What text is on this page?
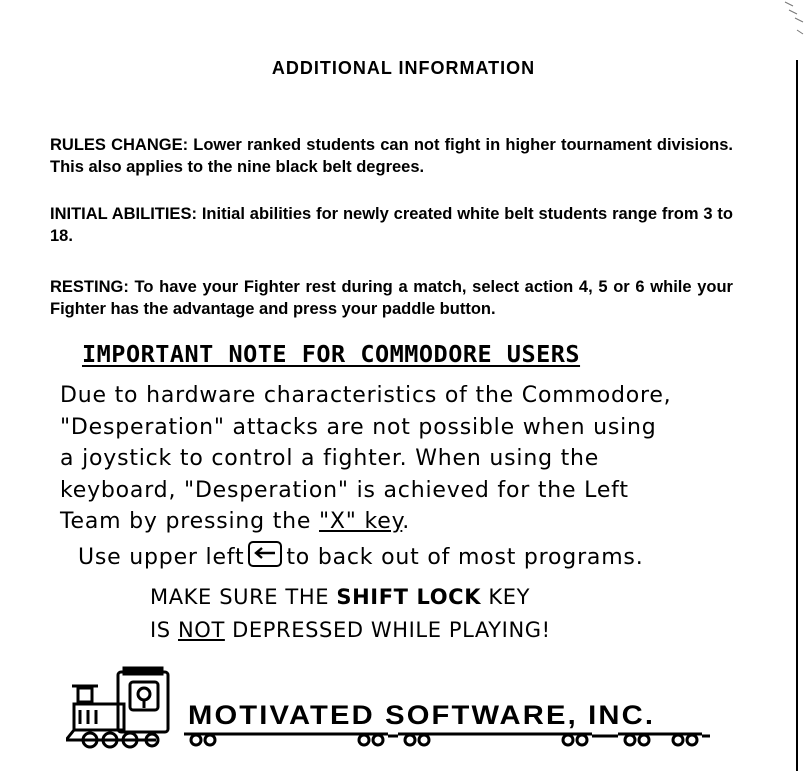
ADDITIONAL INFORMATION
RULES CHANGE: Lower ranked students can not fight in higher tournament divisions. This also applies to the nine black belt degrees.
INITIAL ABILITIES: Initial abilities for newly created white belt students range from 3 to 18.
RESTING: To have your Fighter rest during a match, select action 4, 5 or 6 while your Fighter has the advantage and press your paddle button.
IMPORTANT NOTE FOR COMMODORE USERS
Due to hardware characteristics of the Commodore,
"Desperation" attacks are not possible when using
a joystick to control a fighter. When using the
keyboard, "Desperation" is achieved for the Left
Team by pressing the "X" key.
Use upper left to back out of most programs.
MAKE SURE THE SHIFT LOCK KEY
IS NOT DEPRESSED WHILE PLAYING!
MOTIVATED SOFTWARE, INC.
